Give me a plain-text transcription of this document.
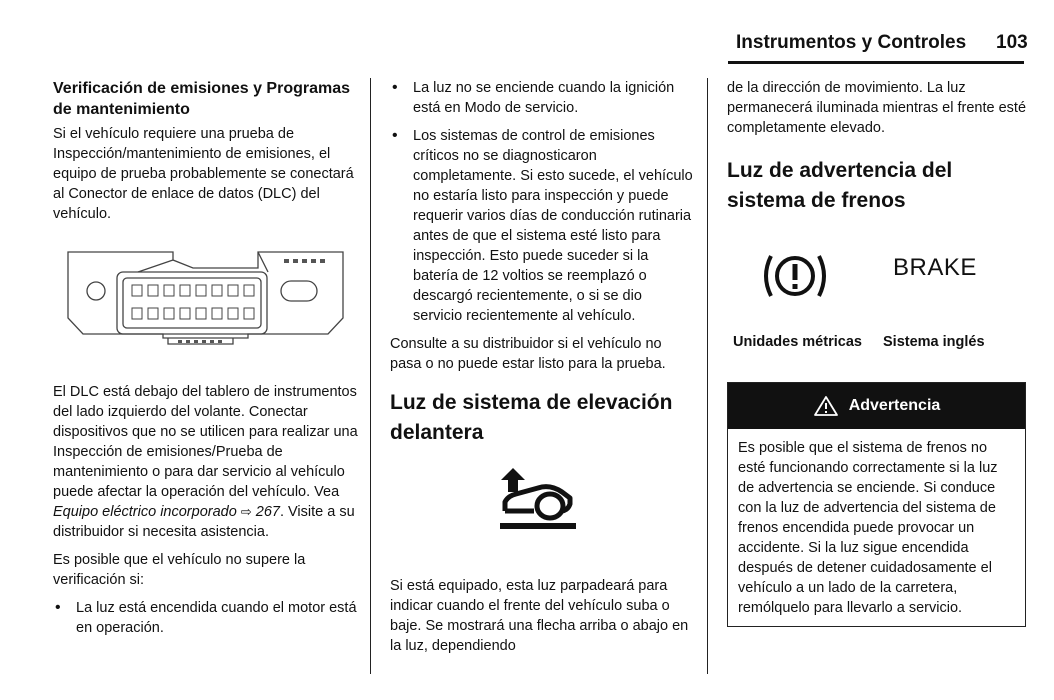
Instrumentos y Controles 103
Verificación de emisiones y Programas de mantenimiento

Si el vehículo requiere una prueba de Inspección/mantenimiento de emisiones, el equipo de prueba probablemente se conectará al Conector de enlace de datos (DLC) del vehículo.

El DLC está debajo del tablero de instrumentos del lado izquierdo del volante. Conectar dispositivos que no se utilicen para realizar una Inspección de emisiones/Prueba de mantenimiento o para dar servicio al vehículo puede afectar la operación del vehículo. Vea Equipo eléctrico incorporado ⇨ 267. Visite a su distribuidor si necesita asistencia.

Es posible que el vehículo no supere la verificación si:

• La luz está encendida cuando el motor está en operación.
• La luz no se enciende cuando la ignición está en Modo de servicio.
• Los sistemas de control de emisiones críticos no se diagnosticaron completamente. Si esto sucede, el vehículo no estaría listo para inspección y puede requerir varios días de conducción rutinaria antes de que el sistema esté listo para inspección. Esto puede suceder si la batería de 12 voltios se reemplazó o descargó recientemente, o si se dio servicio recientemente al vehículo.

Consulte a su distribuidor si el vehículo no pasa o no puede estar listo para la prueba.

Luz de sistema de elevación delantera

Si está equipado, esta luz parpadeará para indicar cuando el frente del vehículo suba o baje. Se mostrará una flecha arriba o abajo en la luz, dependiendo

de la dirección de movimiento. La luz permanecerá iluminada mientras el frente esté completamente elevado.

Luz de advertencia del sistema de frenos
BRAKE
Unidades métricas Sistema inglés
Advertencia
Es posible que el sistema de frenos no esté funcionando correctamente si la luz de advertencia se enciende. Si conduce con la luz de advertencia del sistema de frenos encendida puede provocar un accidente. Si la luz sigue encendida después de detener cuidadosamente el vehículo a un lado de la carretera, remólquelo para llevarlo a servicio.
